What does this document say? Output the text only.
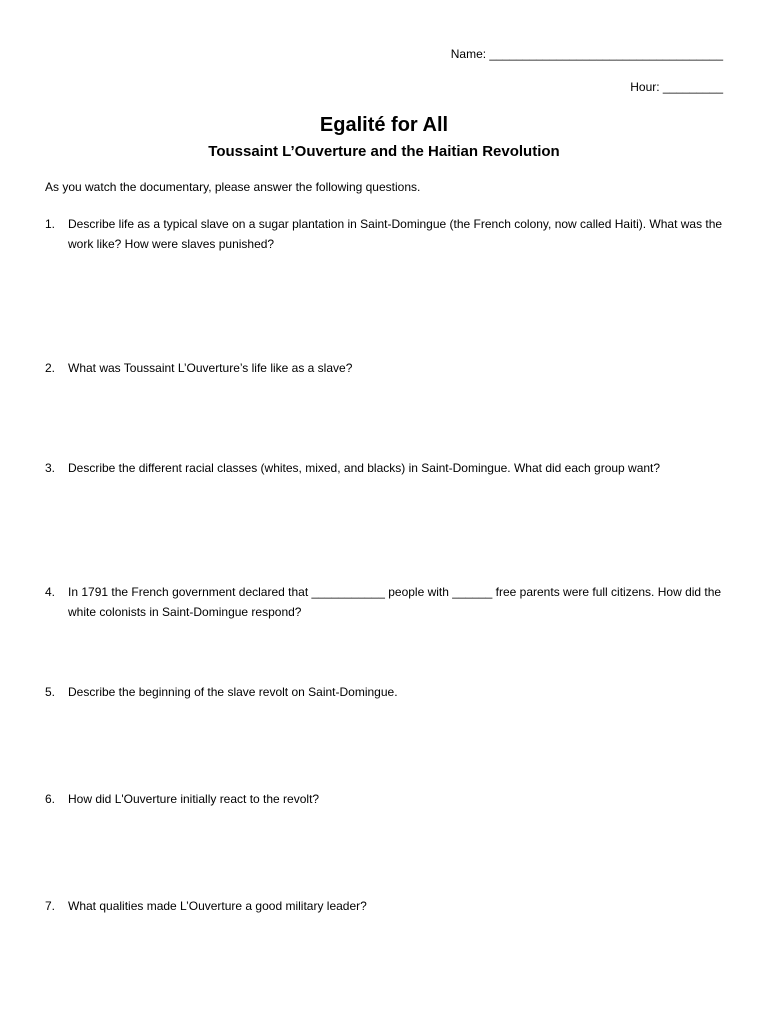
Name: ___________________________________
Hour: _________
Egalité for All
Toussaint L’Ouverture and the Haitian Revolution
As you watch the documentary, please answer the following questions.
1.	Describe life as a typical slave on a sugar plantation in Saint-Domingue (the French colony, now called Haiti). What was the work like? How were slaves punished?
2.	What was Toussaint L’Ouverture’s life like as a slave?
3.	Describe the different racial classes (whites, mixed, and blacks) in Saint-Domingue. What did each group want?
4.	In 1791 the French government declared that ___________ people with ______ free parents were full citizens. How did the white colonists in Saint-Domingue respond?
5.	Describe the beginning of the slave revolt on Saint-Domingue.
6.	How did L'Ouverture initially react to the revolt?
7.	What qualities made L’Ouverture a good military leader?
